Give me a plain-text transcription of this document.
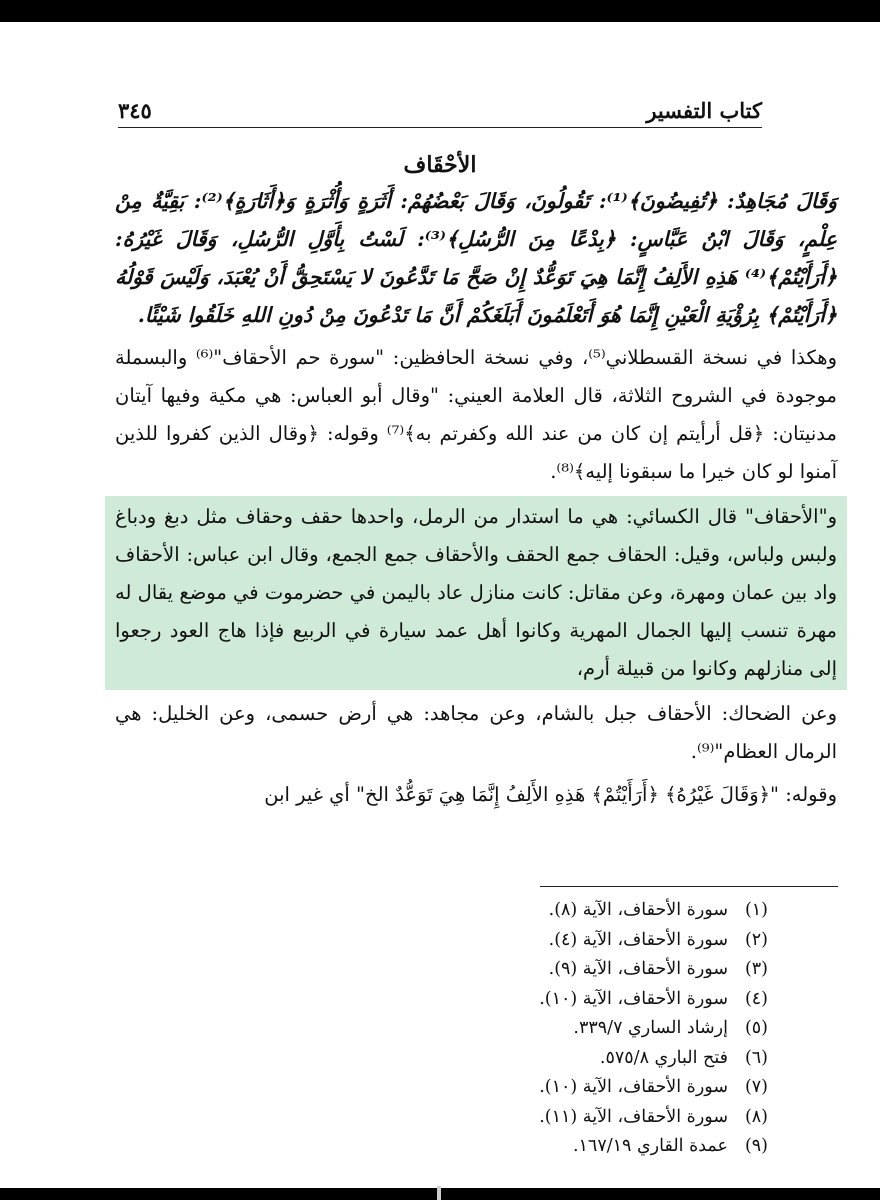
كتاب التفسير
٣٤٥
الأحْقَاف

وَقَالَ مُجَاهِدٌ: ﴿تُفِيضُونَ﴾⁽¹⁾: تَقُولُونَ، وَقَالَ بَعْضُهُمْ: أَثَرَةٍ وَأُثْرَةٍ وَ﴿أَثَارَةٍ﴾⁽²⁾: بَقِيَّةٌ مِنْ عِلْمٍ، وَقَالَ ابْنُ عَبَّاسٍ: ﴿بِدْعًا مِنَ الرُّسُلِ﴾⁽³⁾: لَسْتُ بِأَوَّلِ الرُّسُلِ، وَقَالَ غَيْرُهُ: ﴿أَرَأَيْتُمْ﴾⁽⁴⁾ هَذِهِ الأَلِفُ إِنَّمَا هِيَ تَوَعُّدٌ إِنْ صَحَّ مَا تَدَّعُونَ لا يَسْتَحِقُّ أَنْ يُعْبَدَ، وَلَيْسَ قَوْلُهُ ﴿أَرَأَيْتُمْ﴾ بِرُؤْيَةِ الْعَيْنِ إِنَّمَا هُوَ أَتَعْلَمُونَ أَبَلَغَكُمْ أَنَّ مَا تَدْعُونَ مِنْ دُونِ اللهِ خَلَقُوا شَيْئًا.

وهكذا في نسخة القسطلاني⁽⁵⁾، وفي نسخة الحافظين: "سورة حم الأحقاف"⁽⁶⁾ والبسملة موجودة في الشروح الثلاثة، قال العلامة العيني: "وقال أبو العباس: هي مكية وفيها آيتان مدنيتان: ﴿قل أرأيتم إن كان من عند الله وكفرتم به﴾⁽⁷⁾ وقوله: ﴿وقال الذين كفروا للذين آمنوا لو كان خيرا ما سبقونا إليه﴾⁽⁸⁾.

و"الأحقاف" قال الكسائي: هي ما استدار من الرمل، واحدها حقف وحقاف مثل دبغ ودباغ ولبس ولباس، وقيل: الحقاف جمع الحقف والأحقاف جمع الجمع، وقال ابن عباس: الأحقاف واد بين عمان ومهرة، وعن مقاتل: كانت منازل عاد باليمن في حضرموت في موضع يقال له مهرة تنسب إليها الجمال المهرية وكانوا أهل عمد سيارة في الربيع فإذا هاج العود رجعوا إلى منازلهم وكانوا من قبيلة أرم،

وعن الضحاك: الأحقاف جبل بالشام، وعن مجاهد: هي أرض حسمى، وعن الخليل: هي الرمال العظام"⁽⁹⁾.

وقوله: "﴿وَقَالَ غَيْرُهُ﴾ ﴿أَرَأَيْتُمْ﴾ هَذِهِ الأَلِفُ إِنَّمَا هِيَ تَوَعُّدٌ الخ" أي غير ابن

(١)سورة الأحقاف، الآية (٨).
(٢)سورة الأحقاف، الآية (٤).
(٣)سورة الأحقاف، الآية (٩).
(٤)سورة الأحقاف، الآية (١٠).
(٥)إرشاد الساري ٣٣٩/٧.
(٦)فتح الباري ٥٧٥/٨.
(٧)سورة الأحقاف، الآية (١٠).
(٨)سورة الأحقاف، الآية (١١).
(٩)عمدة القاري ١٦٧/١٩.
